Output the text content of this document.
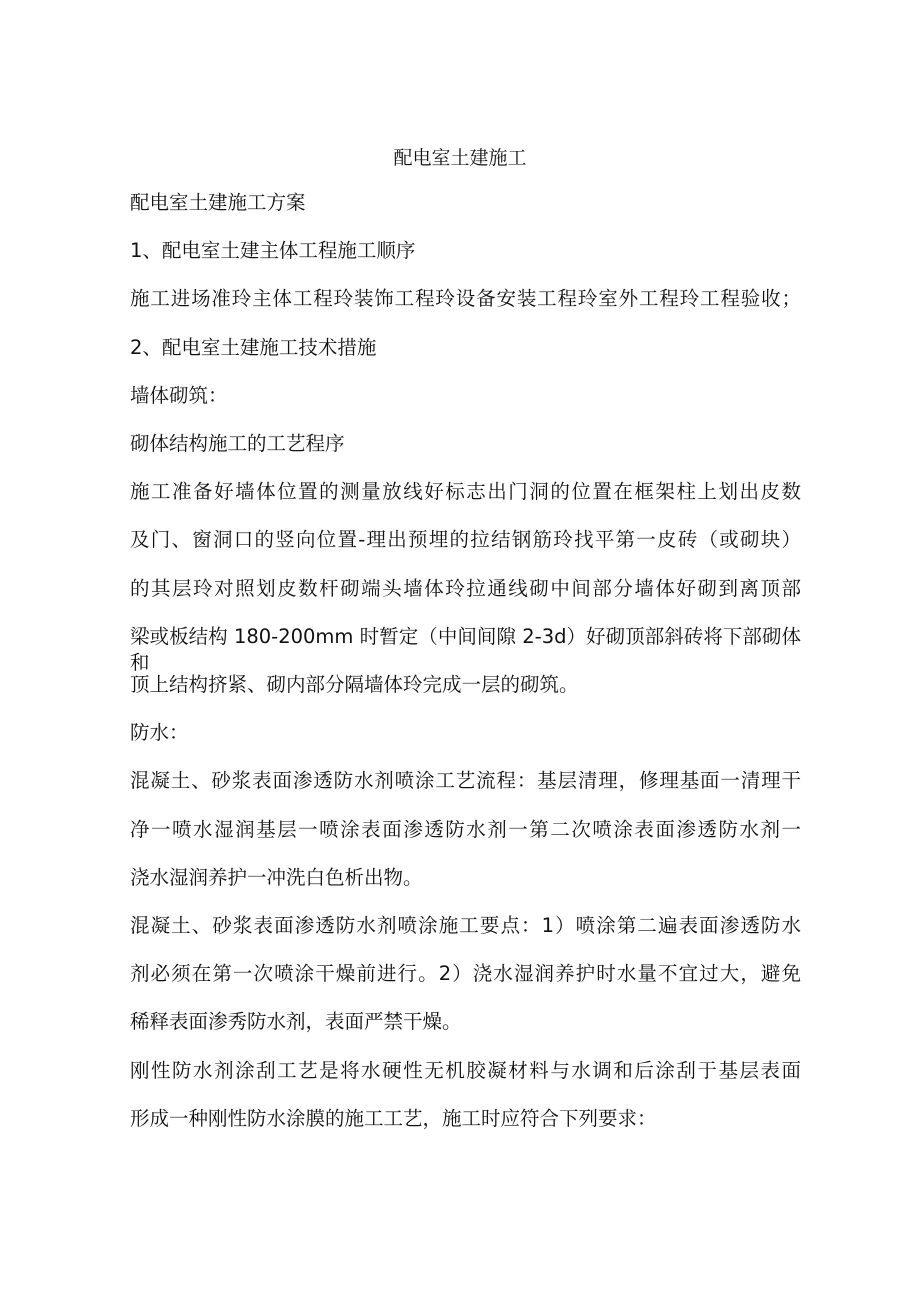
配电室土建施工
配电室土建施工方案
1、配电室土建主体工程施工顺序
施工进场准玲主体工程玲装饰工程玲设备安装工程玲室外工程玲工程验收；
2、配电室土建施工技术措施
墙体砌筑：
砌体结构施工的工艺程序
施工准备好墙体位置的测量放线好标志出门洞的位置在框架柱上划出皮数
及门、窗洞口的竖向位置-理出预埋的拉结钢筋玲找平第一皮砖（或砌块）
的其层玲对照划皮数杆砌端头墙体玲拉通线砌中间部分墙体好砌到离顶部
梁或板结构 180-200mm 时暂定（中间间隙 2-3d）好砌顶部斜砖将下部砌体和
顶上结构挤紧、砌内部分隔墙体玲完成一层的砌筑。
防水：
混凝土、砂浆表面渗透防水剂喷涂工艺流程：基层清理，修理基面一清理干
净一喷水湿润基层一喷涂表面渗透防水剂一第二次喷涂表面渗透防水剂一
浇水湿润养护一冲洗白色析出物。
混凝土、砂浆表面渗透防水剂喷涂施工要点：1）喷涂第二遍表面渗透防水
剂必须在第一次喷涂干燥前进行。2）浇水湿润养护时水量不宜过大，避免
稀释表面渗秀防水剂，表面严禁干燥。
刚性防水剂涂刮工艺是将水硬性无机胶凝材料与水调和后涂刮于基层表面
形成一种刚性防水涂膜的施工工艺，施工时应符合下列要求：
